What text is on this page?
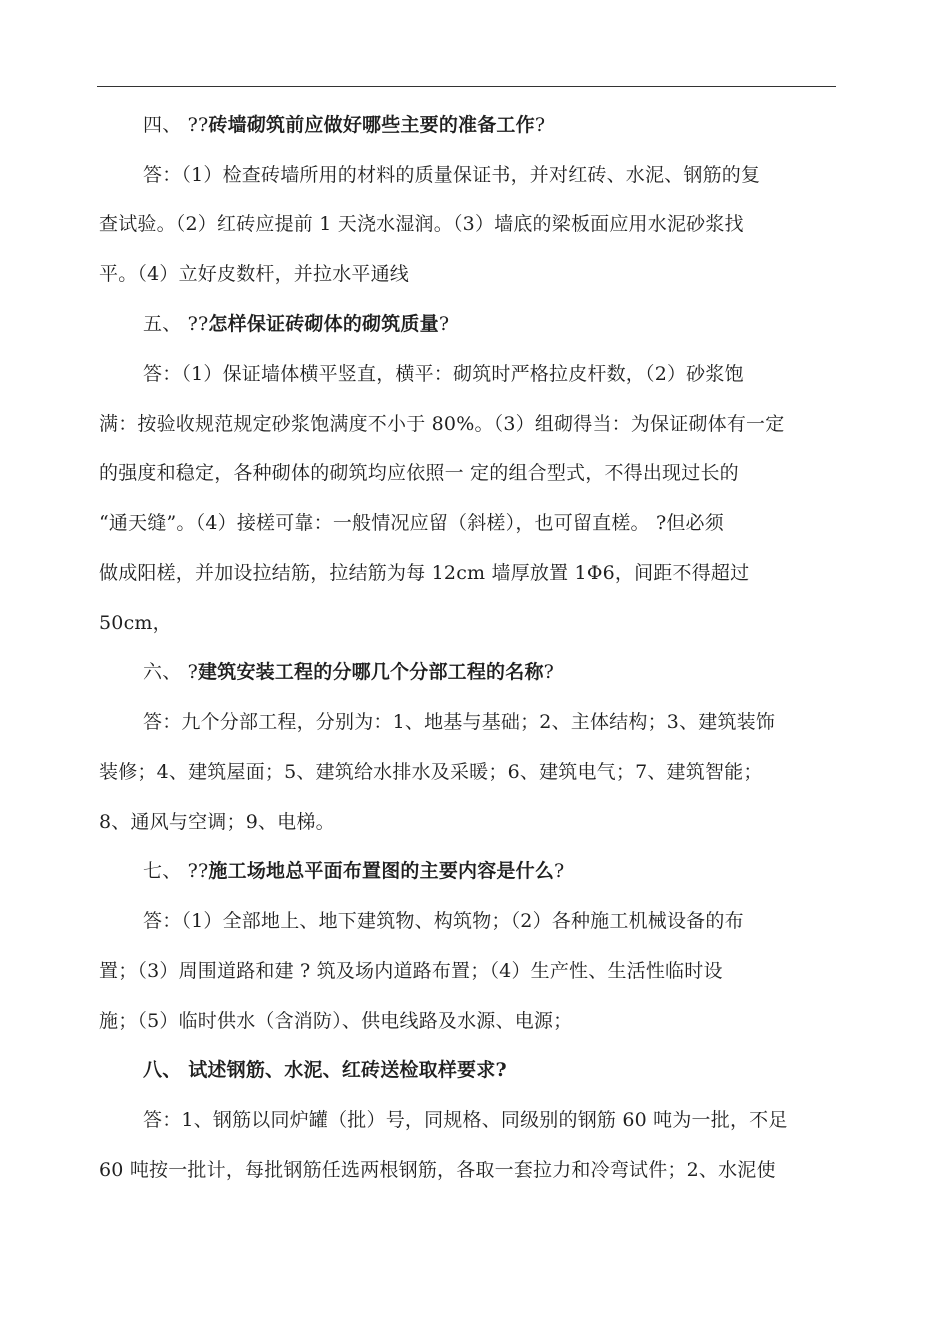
四、 ??砖墙砌筑前应做好哪些主要的准备工作?
答：（1）检查砖墙所用的材料的质量保证书，并对红砖、水泥、钢筋的复
查试验。（2）红砖应提前 1 天浇水湿润。（3）墙底的梁板面应用水泥砂浆找
平。（4）立好皮数杆，并拉水平通线
五、 ??怎样保证砖砌体的砌筑质量?
答：（1）保证墙体横平竖直，横平：砌筑时严格拉皮杆数，（2）砂浆饱
满：按验收规范规定砂浆饱满度不小于 80%。（3）组砌得当：为保证砌体有一定
的强度和稳定，各种砌体的砌筑均应依照一 定的组合型式，不得出现过长的
“通天缝”。（4）接槎可靠：一般情况应留（斜槎），也可留直槎。 ?但必须
做成阳槎，并加设拉结筋，拉结筋为每 12cm 墙厚放置 1Φ6，间距不得超过
50cm，
六、 ?建筑安装工程的分哪几个分部工程的名称?
答：九个分部工程，分别为：1、地基与基础；2、主体结构；3、建筑装饰
装修；4、建筑屋面；5、建筑给水排水及采暖；6、建筑电气；7、建筑智能；
8、通风与空调；9、电梯。
七、 ??施工场地总平面布置图的主要内容是什么?
答：（1）全部地上、地下建筑物、构筑物；（2）各种施工机械设备的布
置；（3）周围道路和建 ? 筑及场内道路布置；（4）生产性、生活性临时设
施；（5）临时供水（含消防）、供电线路及水源、电源；
八、 试述钢筋、水泥、红砖送检取样要求?
答：1、钢筋以同炉罐（批）号，同规格、同级别的钢筋 60 吨为一批，不足
60 吨按一批计，每批钢筋任选两根钢筋，各取一套拉力和冷弯试件；2、水泥使
